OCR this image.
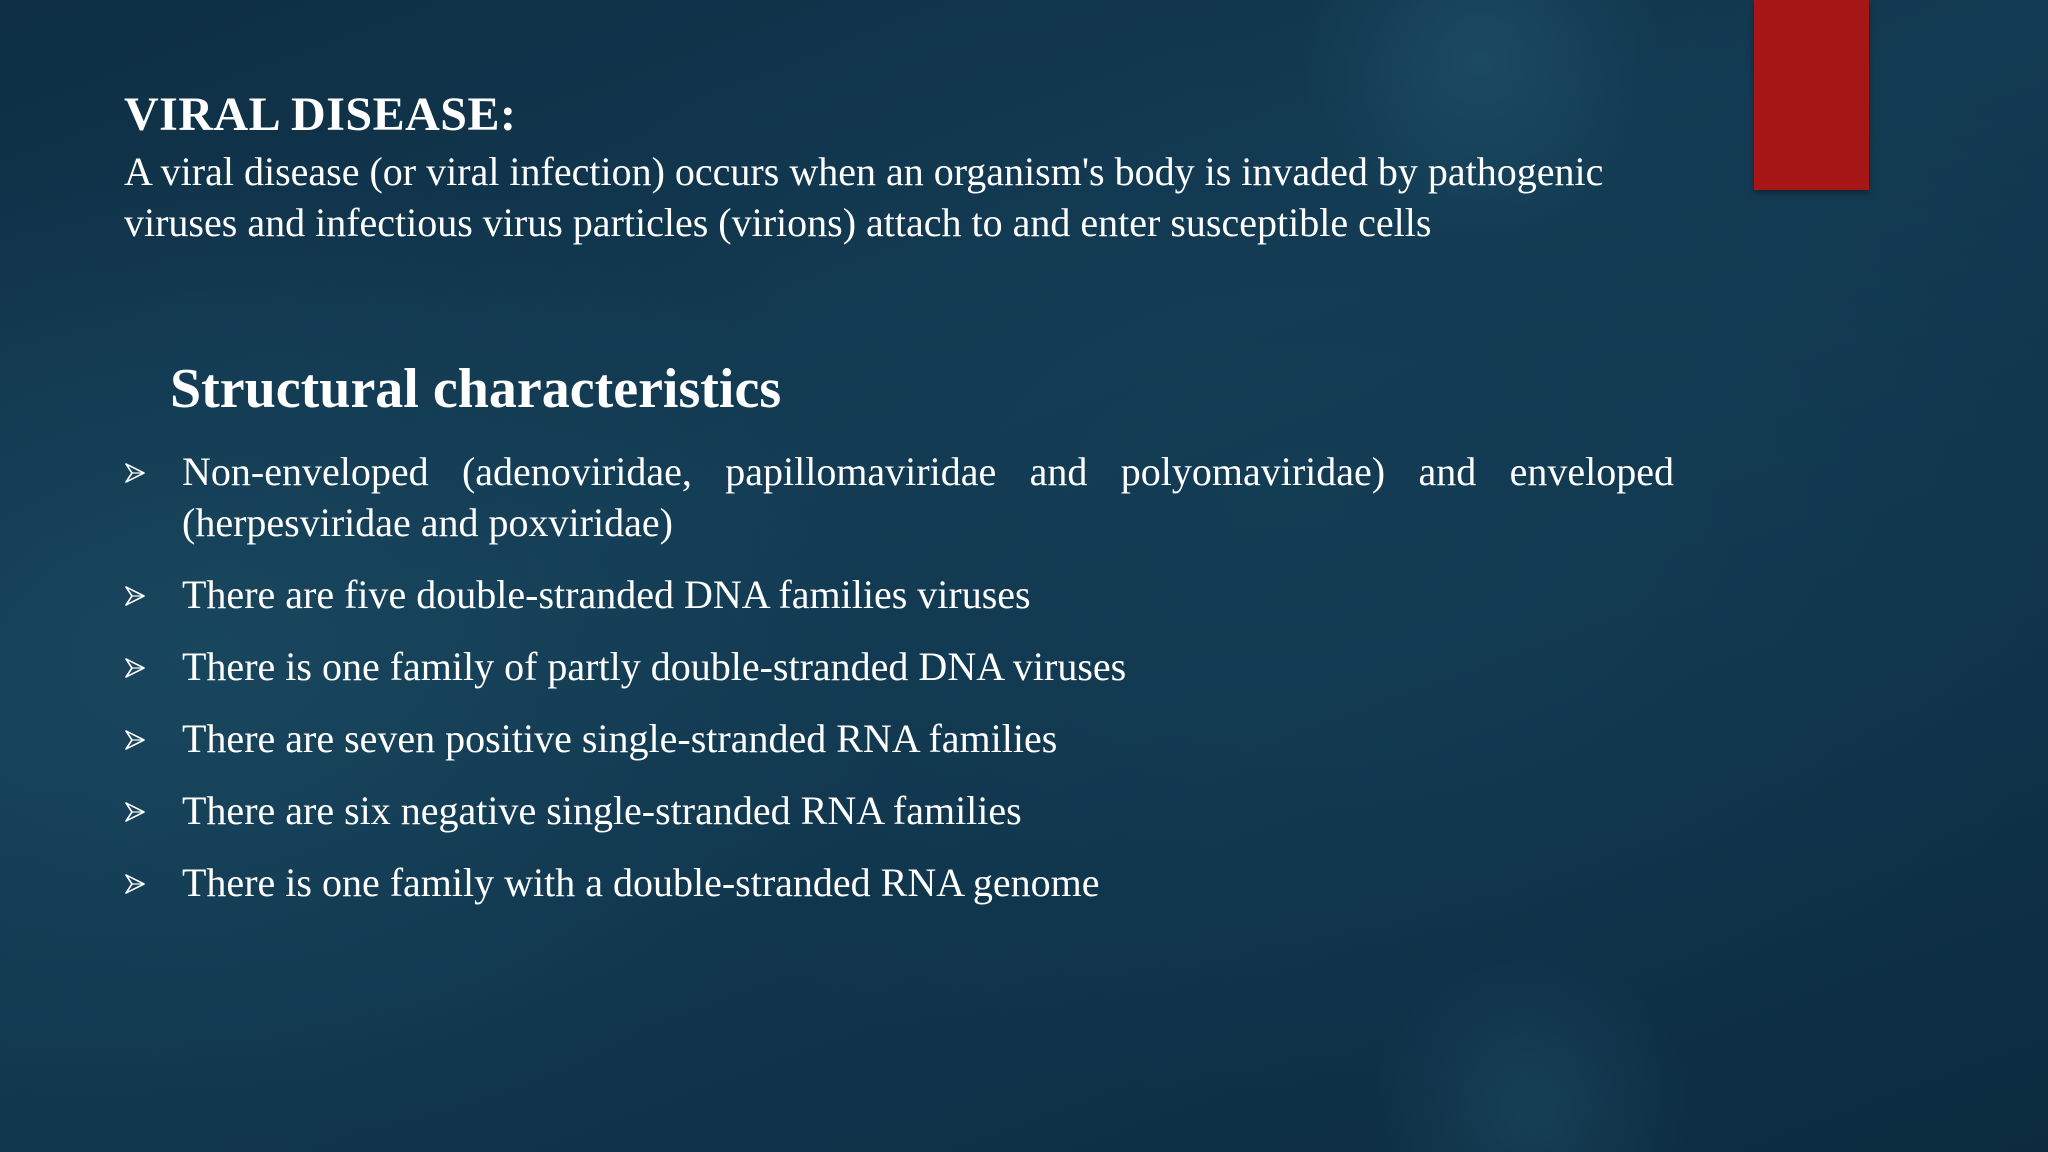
VIRAL DISEASE:

A viral disease (or viral infection) occurs when an organism's body is invaded by pathogenic viruses and infectious virus particles (virions) attach to and enter susceptible cells

Structural characteristics
Non-enveloped (adenoviridae, papillomaviridae and polyomaviridae) and enveloped (herpesviridae and poxviridae)
There are five double-stranded DNA families viruses
There is one family of partly double-stranded DNA viruses
There are seven positive single-stranded RNA families
There are six negative single-stranded RNA families
There is one family with a double-stranded RNA genome
